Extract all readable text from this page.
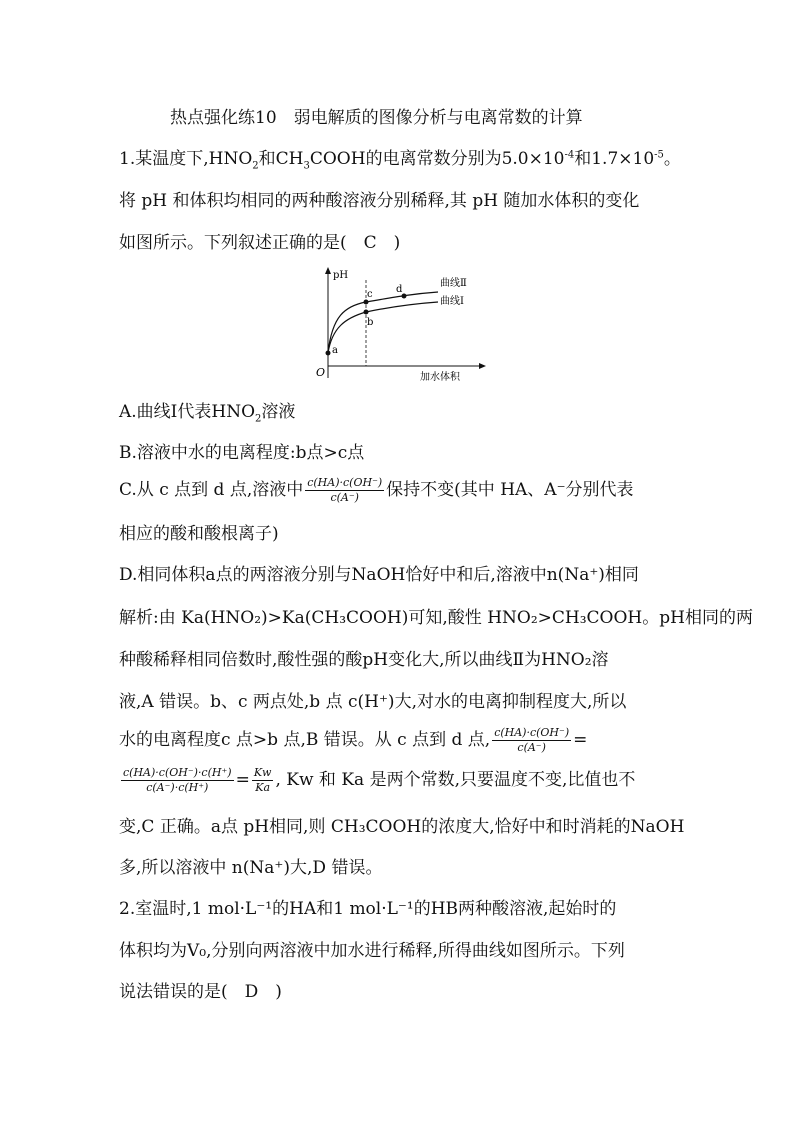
热点强化练10　弱电解质的图像分析与电离常数的计算
1.某温度下$,HNO_2$和$CH_3COOH$的电离常数分别为$5.0\times 10^{-4}$和$1.7\times 10^{-5}$。
将 pH 和体积均相同的两种酸溶液分别稀释,其 pH 随加水体积的变化
如图所示。下列叙述正确的是(　C　)
pH
O	加水体积
a
b
c d
曲线Ⅱ
曲线Ⅰ
A.曲线Ⅰ代表$HNO_2$溶液
B.溶液中水的电离程度:b点>c点
C.从 c 点到 d 点,溶液中 $\frac{c(HA)\cdot c(OH^-)}{c(A^-)}$ 保持不变(其中 HA、A⁻分别代表
相应的酸和酸根离子)
D.相同体积a点的两溶液分别与NaOH恰好中和后,溶液中n(Na⁺)相同
解析:由 Ka(HNO₂)>Ka(CH₃COOH)可知,酸性 HNO₂>CH₃COOH。pH相同的两
种酸稀释相同倍数时,酸性强的酸pH变化大,所以曲线Ⅱ为HNO₂溶
液,A 错误。b、c 两点处,b 点 c(H⁺)大,对水的电离抑制程度大,所以
水的电离程度c 点>b 点,B 错误。从 c 点到 d 点, $\frac{c(HA)\cdot c(OH^-)}{c(A^-)}$ =
$\frac{c(HA)\cdot c(OH^-)\cdot c(H^+)}{c(A^-)\cdot c(H^+)} = \frac{Kw}{Ka}$ , Kw 和 Ka 是两个常数,只要温度不变,比值也不
变,C 正确。a点 pH相同,则 CH₃COOH的浓度大,恰好中和时消耗的NaOH
多,所以溶液中 n(Na⁺)大,D 错误。
2.室温时,1 mol·L⁻¹的HA和1 mol·L⁻¹的HB两种酸溶液,起始时的
体积均为V₀,分别向两溶液中加水进行稀释,所得曲线如图所示。下列
说法错误的是(　D　)
